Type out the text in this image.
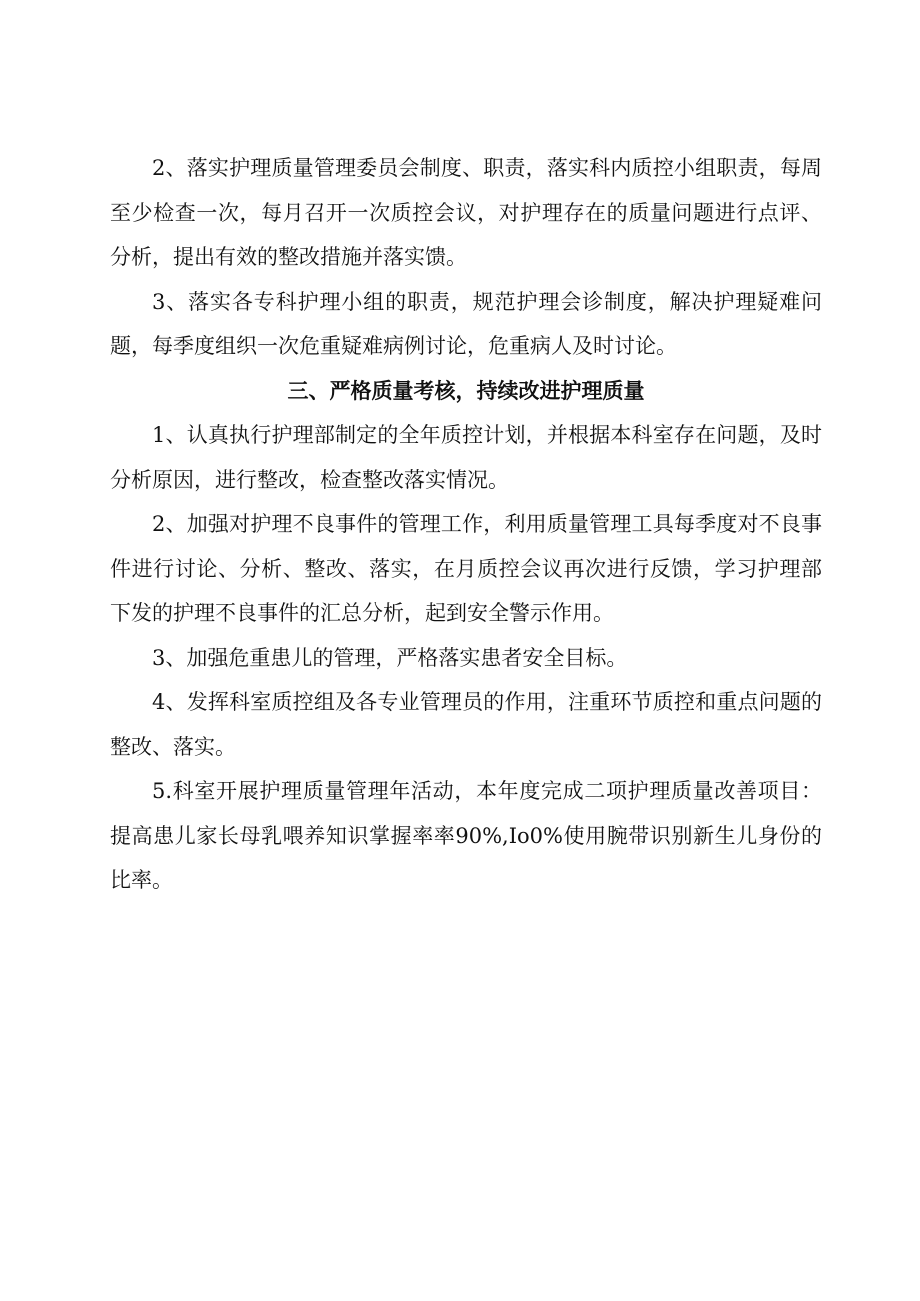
2、落实护理质量管理委员会制度、职责，落实科内质控小组职责，每周至少检查一次，每月召开一次质控会议，对护理存在的质量问题进行点评、分析，提出有效的整改措施并落实馈。

3、落实各专科护理小组的职责，规范护理会诊制度，解决护理疑难问题，每季度组织一次危重疑难病例讨论，危重病人及时讨论。

三、严格质量考核，持续改进护理质量

1、认真执行护理部制定的全年质控计划，并根据本科室存在问题，及时分析原因，进行整改，检查整改落实情况。

2、加强对护理不良事件的管理工作，利用质量管理工具每季度对不良事件进行讨论、分析、整改、落实，在月质控会议再次进行反馈，学习护理部下发的护理不良事件的汇总分析，起到安全警示作用。

3、加强危重患儿的管理，严格落实患者安全目标。

4、发挥科室质控组及各专业管理员的作用，注重环节质控和重点问题的整改、落实。

5.科室开展护理质量管理年活动，本年度完成二项护理质量改善项目：提高患儿家长母乳喂养知识掌握率率90%,Io0%使用腕带识别新生儿身份的比率。
